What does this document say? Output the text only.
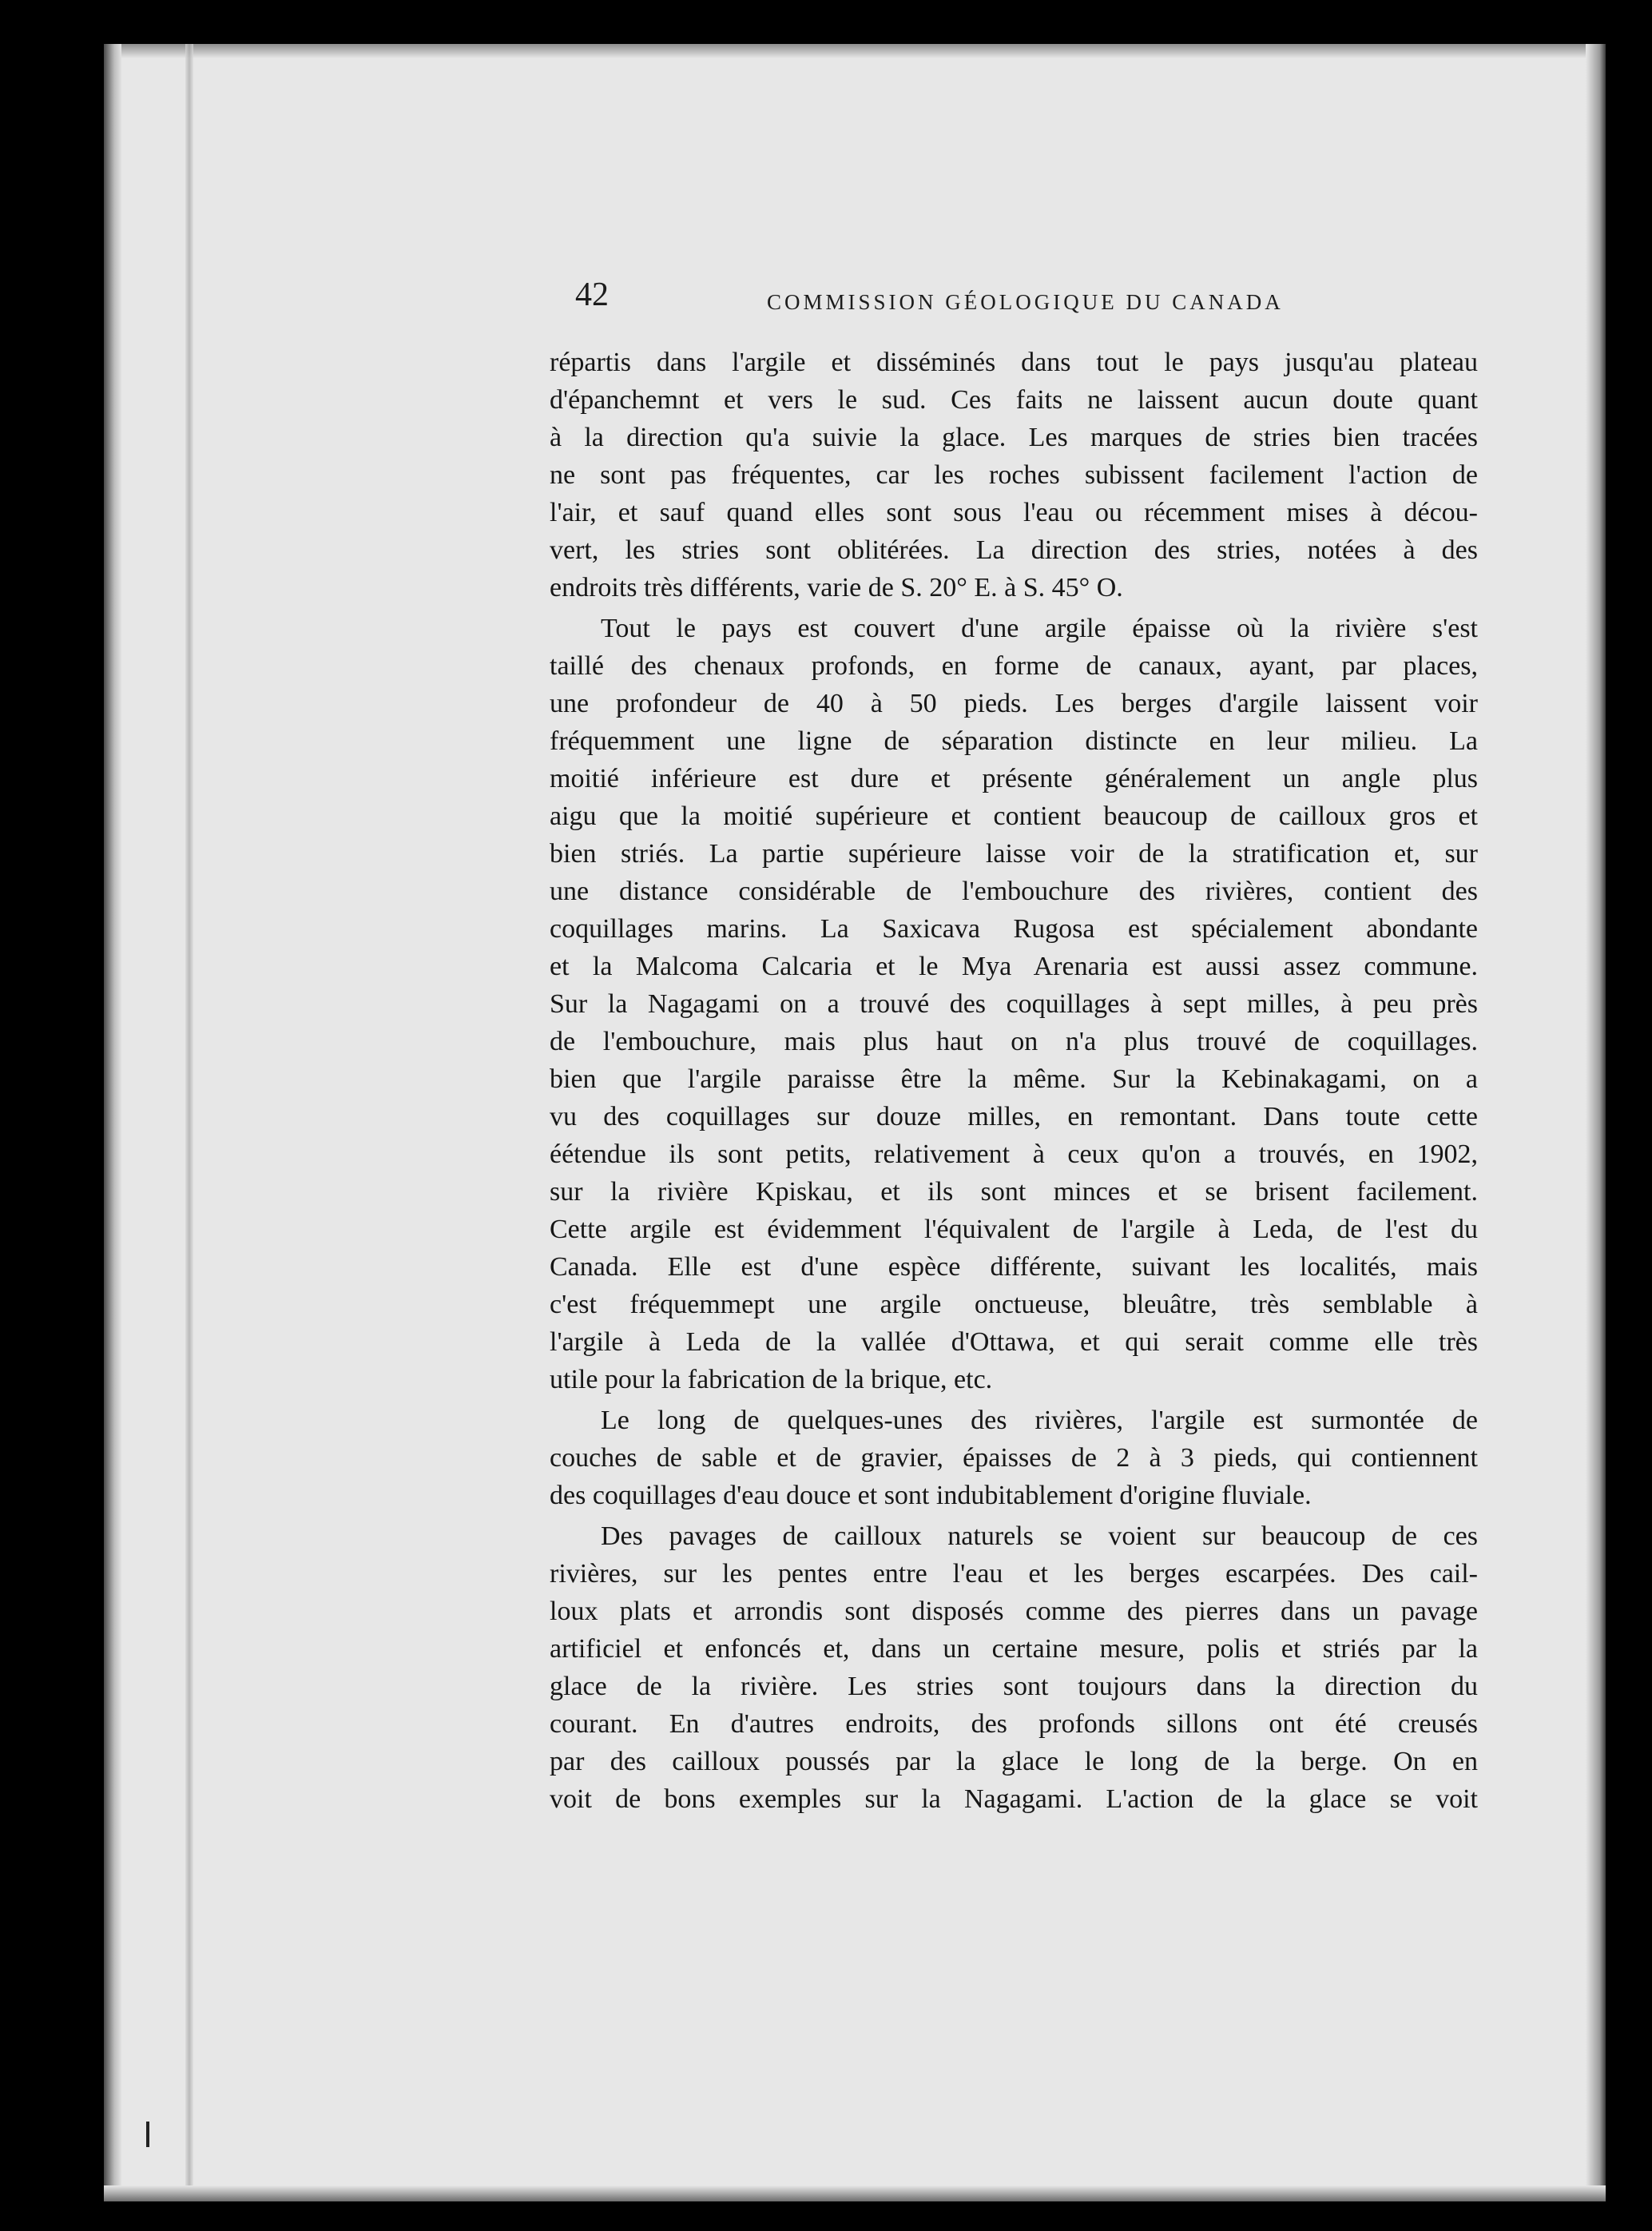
42	COMMISSION GÉOLOGIQUE DU CANADA
répartis dans l'argile et disséminés dans tout le pays jusqu'au plateau
d'épanchemnt et vers le sud. Ces faits ne laissent aucun doute quant
à la direction qu'a suivie la glace. Les marques de stries bien tracées
ne sont pas fréquentes, car les roches subissent facilement l'action de
l'air, et sauf quand elles sont sous l'eau ou récemment mises à décou-
vert, les stries sont oblitérées. La direction des stries, notées à des
endroits très différents, varie de S. 20° E. à S. 45° O.
Tout le pays est couvert d'une argile épaisse où la rivière s'est
taillé des chenaux profonds, en forme de canaux, ayant, par places,
une profondeur de 40 à 50 pieds. Les berges d'argile laissent voir
fréquemment une ligne de séparation distincte en leur milieu. La
moitié inférieure est dure et présente généralement un angle plus
aigu que la moitié supérieure et contient beaucoup de cailloux gros et
bien striés. La partie supérieure laisse voir de la stratification et, sur
une distance considérable de l'embouchure des rivières, contient des
coquillages marins. La Saxicava Rugosa est spécialement abondante
et la Malcoma Calcaria et le Mya Arenaria est aussi assez commune.
Sur la Nagagami on a trouvé des coquillages à sept milles, à peu près
de l'embouchure, mais plus haut on n'a plus trouvé de coquillages.
bien que l'argile paraisse être la même. Sur la Kebinakagami, on a
vu des coquillages sur douze milles, en remontant. Dans toute cette
éétendue ils sont petits, relativement à ceux qu'on a trouvés, en 1902,
sur la rivière Kpiskau, et ils sont minces et se brisent facilement.
Cette argile est évidemment l'équivalent de l'argile à Leda, de l'est du
Canada. Elle est d'une espèce différente, suivant les localités, mais
c'est fréquemmept une argile onctueuse, bleuâtre, très semblable à
l'argile à Leda de la vallée d'Ottawa, et qui serait comme elle très
utile pour la fabrication de la brique, etc.
Le long de quelques-unes des rivières, l'argile est surmontée de
couches de sable et de gravier, épaisses de 2 à 3 pieds, qui contiennent
des coquillages d'eau douce et sont indubitablement d'origine fluviale.
Des pavages de cailloux naturels se voient sur beaucoup de ces
rivières, sur les pentes entre l'eau et les berges escarpées. Des cail-
loux plats et arrondis sont disposés comme des pierres dans un pavage
artificiel et enfoncés et, dans un certaine mesure, polis et striés par la
glace de la rivière. Les stries sont toujours dans la direction du
courant. En d'autres endroits, des profonds sillons ont été creusés
par des cailloux poussés par la glace le long de la berge. On en
voit de bons exemples sur la Nagagami. L'action de la glace se voit
